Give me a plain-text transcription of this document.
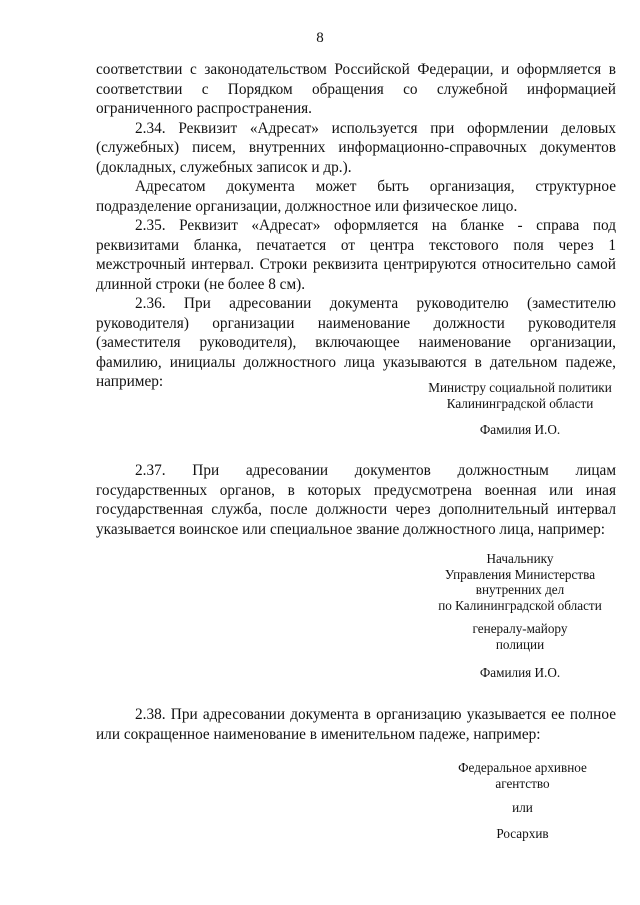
8

соответствии с законодательством Российской Федерации, и оформляется в соответствии с Порядком обращения со служебной информацией ограниченного распространения.

2.34. Реквизит «Адресат» используется при оформлении деловых (служебных) писем, внутренних информационно-справочных документов (докладных, служебных записок и др.).

Адресатом документа может быть организация, структурное подразделение организации, должностное или физическое лицо.

2.35. Реквизит «Адресат» оформляется на бланке - справа под реквизитами бланка, печатается от центра текстового поля через 1 межстрочный интервал. Строки реквизита центрируются относительно самой длинной строки (не более 8 см).

2.36. При адресовании документа руководителю (заместителю руководителя) организации наименование должности руководителя (заместителя руководителя), включающее наименование организации, фамилию, инициалы должностного лица указываются в дательном падеже, например:	Министру социальной политики
Калининградской области
Фамилия И.О.

2.37. При адресовании документов должностным лицам государственных органов, в которых предусмотрена военная или иная государственная служба, после должности через дополнительный интервал указывается воинское или специальное звание должностного лица, например:

Начальнику
Управления Министерства
внутренних дел
по Калининградской области
генералу-майору
полиции
Фамилия И.О.

2.38. При адресовании документа в организацию указывается ее полное или сокращенное наименование в именительном падеже, например:

Федеральное архивное
агентство
или
Росархив
